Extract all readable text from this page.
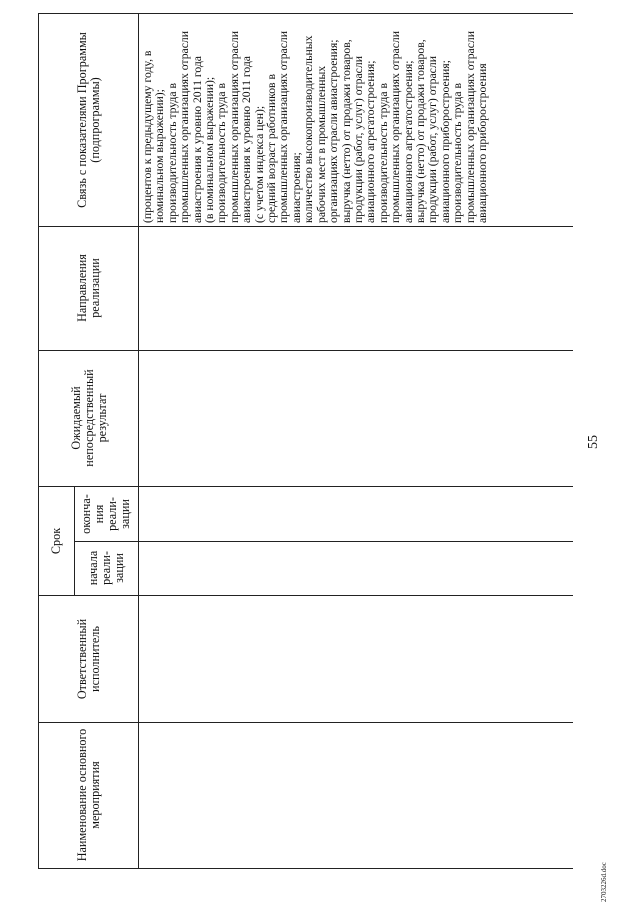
55
Наименование основного мероприятия
Ответственный исполнитель
Срок
начала реали-зации
оконча-ния реали-зации
Ожидаемый непосредственный результат
Направления реализации
Связь с показателями Программы (подпрограммы)
(процентов к предыдущему году, в
номинальном выражении);
производительность труда в
промышленных организациях отрасли
авиастроения к уровню 2011 года
(в номинальном выражении);
производительность труда в
промышленных организациях отрасли
авиастроения к уровню 2011 года
(с учетом индекса цен);
средний возраст работников в
промышленных организациях отрасли
авиастроения;
количество высокопроизводительных
рабочих мест в промышленных
организациях отрасли авиастроения;
выручка (нетто) от продажи товаров,
продукции (работ, услуг) отрасли
авиационного агрегатостроения;
производительность труда в
промышленных организациях отрасли
авиационного агрегатостроения;
выручка (нетто) от продажи товаров,
продукции (работ, услуг) отрасли
авиационного приборостроения;
производительность труда в
промышленных организациях отрасли
авиационного приборостроения
2703226d.doc
